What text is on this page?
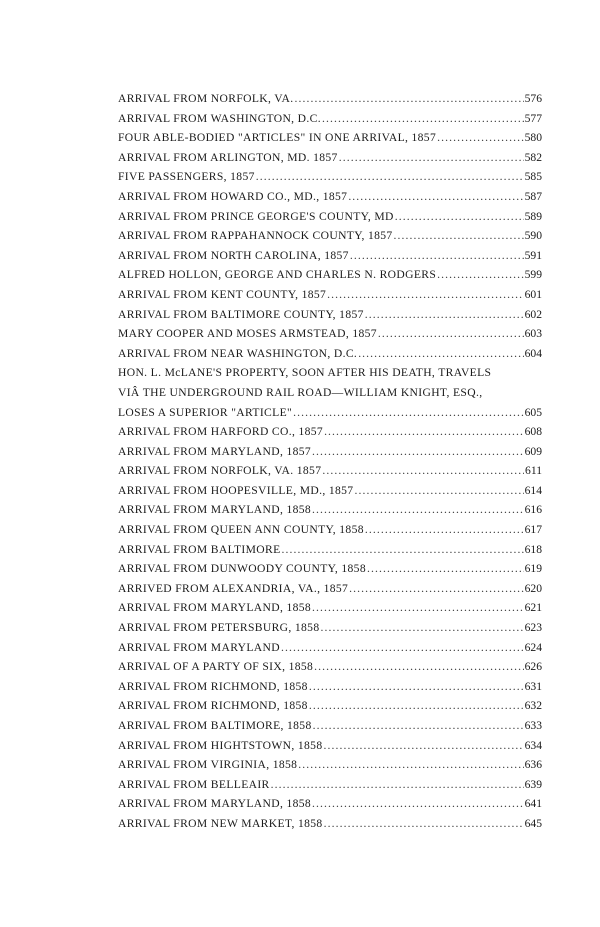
ARRIVAL FROM NORFOLK, VA. .....	576
ARRIVAL FROM WASHINGTON, D.C. .....	577
FOUR ABLE-BODIED "ARTICLES" IN ONE ARRIVAL, 1857 .....	580
ARRIVAL FROM ARLINGTON, MD. 1857 .....	582
FIVE PASSENGERS, 1857 .....	585
ARRIVAL FROM HOWARD CO., MD., 1857 .....	587
ARRIVAL FROM PRINCE GEORGE'S COUNTY, MD .....	589
ARRIVAL FROM RAPPAHANNOCK COUNTY, 1857 .....	590
ARRIVAL FROM NORTH CAROLINA, 1857 .....	591
ALFRED HOLLON, GEORGE AND CHARLES N. RODGERS .....	599
ARRIVAL FROM KENT COUNTY, 1857 .....	601
ARRIVAL FROM BALTIMORE COUNTY, 1857 .....	602
MARY COOPER AND MOSES ARMSTEAD, 1857 .....	603
ARRIVAL FROM NEAR WASHINGTON, D.C. .....	604
HON. L. McLANE'S PROPERTY, SOON AFTER HIS DEATH, TRAVELS
VIÂ THE UNDERGROUND RAIL ROAD—WILLIAM KNIGHT, ESQ.,
LOSES A SUPERIOR "ARTICLE" .....	605
ARRIVAL FROM HARFORD CO., 1857 .....	608
ARRIVAL FROM MARYLAND, 1857 .....	609
ARRIVAL FROM NORFOLK, VA. 1857 .....	611
ARRIVAL FROM HOOPESVILLE, MD., 1857 .....	614
ARRIVAL FROM MARYLAND, 1858 .....	616
ARRIVAL FROM QUEEN ANN COUNTY, 1858 .....	617
ARRIVAL FROM BALTIMORE .....	618
ARRIVAL FROM DUNWOODY COUNTY, 1858 .....	619
ARRIVED FROM ALEXANDRIA, VA., 1857 .....	620
ARRIVAL FROM MARYLAND, 1858 .....	621
ARRIVAL FROM PETERSBURG, 1858 .....	623
ARRIVAL FROM MARYLAND .....	624
ARRIVAL OF A PARTY OF SIX, 1858 .....	626
ARRIVAL FROM RICHMOND, 1858 .....	631
ARRIVAL FROM RICHMOND, 1858 .....	632
ARRIVAL FROM BALTIMORE, 1858 .....	633
ARRIVAL FROM HIGHTSTOWN, 1858 .....	634
ARRIVAL FROM VIRGINIA, 1858 .....	636
ARRIVAL FROM BELLEAIR .....	639
ARRIVAL FROM MARYLAND, 1858 .....	641
ARRIVAL FROM NEW MARKET, 1858 .....	645
